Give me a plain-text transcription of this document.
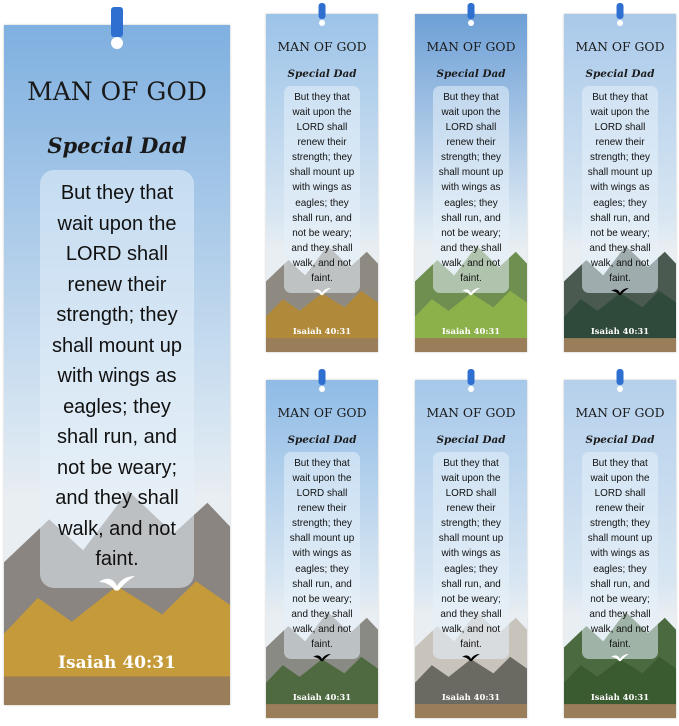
MAN OF GOD
Special Dad
But they that
wait upon the
LORD shall
renew their
strength; they
shall mount up
with wings as
eagles; they
shall run, and
not be weary;
and they shall
walk, and not
faint.
Isaiah 40:31
MAN OF GOD
Special Dad
But they that
wait upon the
LORD shall
renew their
strength; they
shall mount up
with wings as
eagles; they
shall run, and
not be weary;
and they shall
walk, and not
faint.
Isaiah 40:31
MAN OF GOD
Special Dad
But they that
wait upon the
LORD shall
renew their
strength; they
shall mount up
with wings as
eagles; they
shall run, and
not be weary;
and they shall
walk, and not
faint.
Isaiah 40:31
MAN OF GOD
Special Dad
But they that
wait upon the
LORD shall
renew their
strength; they
shall mount up
with wings as
eagles; they
shall run, and
not be weary;
and they shall
walk, and not
faint.
Isaiah 40:31
MAN OF GOD
Special Dad
But they that
wait upon the
LORD shall
renew their
strength; they
shall mount up
with wings as
eagles; they
shall run, and
not be weary;
and they shall
walk, and not
faint.
Isaiah 40:31
MAN OF GOD
Special Dad
But they that
wait upon the
LORD shall
renew their
strength; they
shall mount up
with wings as
eagles; they
shall run, and
not be weary;
and they shall
walk, and not
faint.
Isaiah 40:31
MAN OF GOD
Special Dad
But they that
wait upon the
LORD shall
renew their
strength; they
shall mount up
with wings as
eagles; they
shall run, and
not be weary;
and they shall
walk, and not
faint.
Isaiah 40:31
